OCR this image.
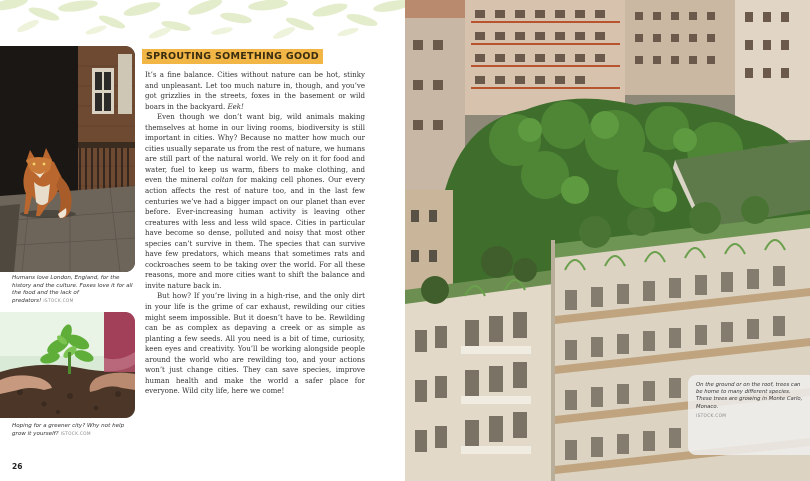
Humans love London, England, for the history and the culture. Foxes love it for all the food and the lack of predators! ISTOCK.COM
Hoping for a greener city? Why not help grow it yourself? ISTOCK.COM
26
SPROUTING SOMETHING GOOD

It’s a fine balance. Cities without nature can be hot, stinky and unpleasant. Let too much nature in, though, and you’ve got grizzlies in the streets, foxes in the basement or wild boars in the backyard. Eek!

Even though we don’t want big, wild animals making themselves at home in our living rooms, biodiversity is still important in cities. Why? Because no matter how much our cities usually separate us from the rest of nature, we humans are still part of the natural world. We rely on it for food and water, fuel to keep us warm, fibers to make clothing, and even the mineral coltan for making cell phones. Our every action affects the rest of nature too, and in the last few centuries we’ve had a bigger impact on our planet than ever before. Ever-increasing human activity is leaving other creatures with less and less wild space. Cities in particular have become so dense, polluted and noisy that most other species can’t survive in them. The species that can survive have few predators, which means that sometimes rats and cockroaches seem to be taking over the world. For all these reasons, more and more cities want to shift the balance and invite nature back in.

But how? If you’re living in a high-rise, and the only dirt in your life is the grime of car exhaust, rewilding our cities might seem impossible. But it doesn’t have to be. Rewilding can be as complex as depaving a creek or as simple as planting a few seeds. All you need is a bit of time, curiosity, keen eyes and creativity. You’ll be working alongside people around the world who are rewilding too, and your actions won’t just change cities. They can save species, improve human health and make the world a safer place for everyone. Wild city life, here we come!

On the ground or on the roof, trees can be home to many different species. These trees are growing in Monte Carlo, Monaco.
ISTOCK.COM
